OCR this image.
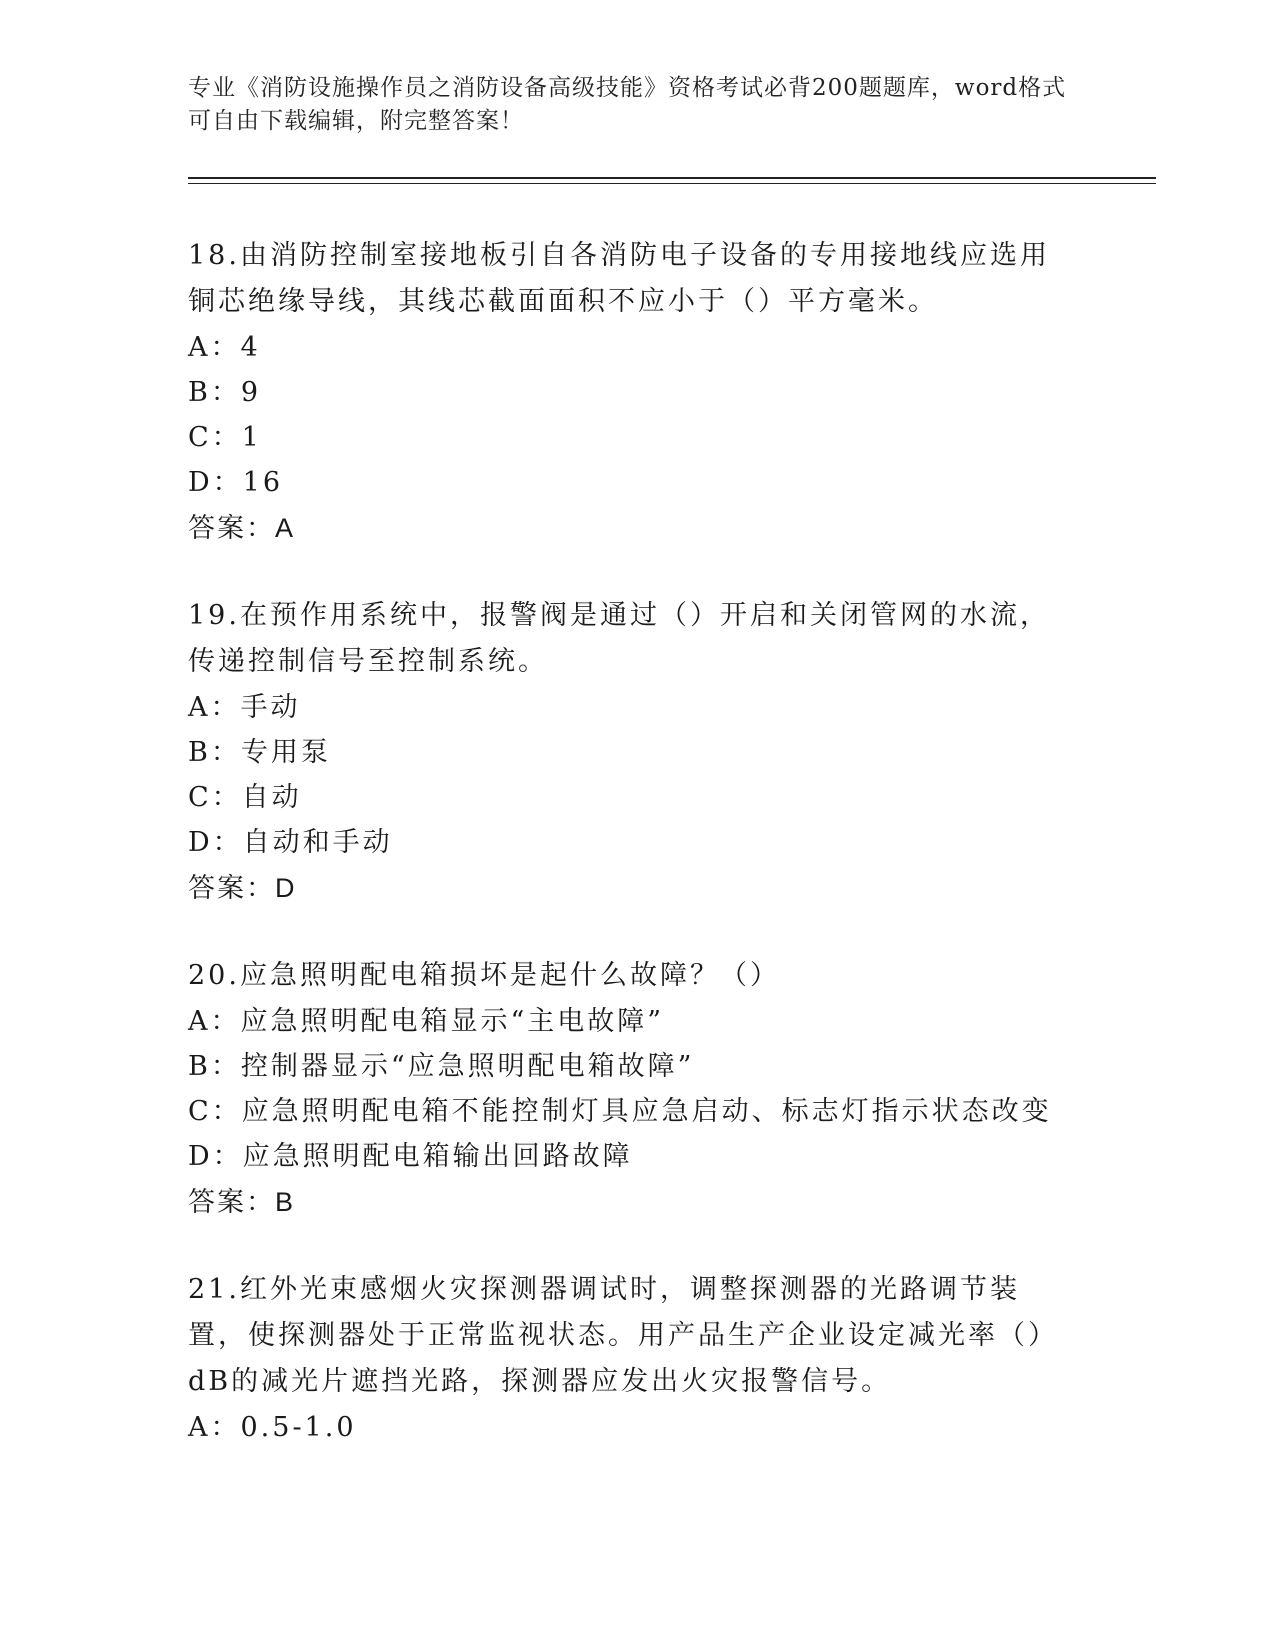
专业《消防设施操作员之消防设备高级技能》资格考试必背200题题库，word格式可自由下载编辑，附完整答案！

18.由消防控制室接地板引自各消防电子设备的专用接地线应选用铜芯绝缘导线，其线芯截面面积不应小于（）平方毫米。

A：4

B：9

C：1

D：16

答案：A

19.在预作用系统中，报警阀是通过（）开启和关闭管网的水流，传递控制信号至控制系统。

A：手动

B：专用泵

C：自动

D：自动和手动

答案：D

20.应急照明配电箱损坏是起什么故障？（）

A：应急照明配电箱显示“主电故障”

B：控制器显示“应急照明配电箱故障”

C：应急照明配电箱不能控制灯具应急启动、标志灯指示状态改变

D：应急照明配电箱输出回路故障

答案：B

21.红外光束感烟火灾探测器调试时，调整探测器的光路调节装置，使探测器处于正常监视状态。用产品生产企业设定减光率（）dB的减光片遮挡光路，探测器应发出火灾报警信号。

A：0.5-1.0
